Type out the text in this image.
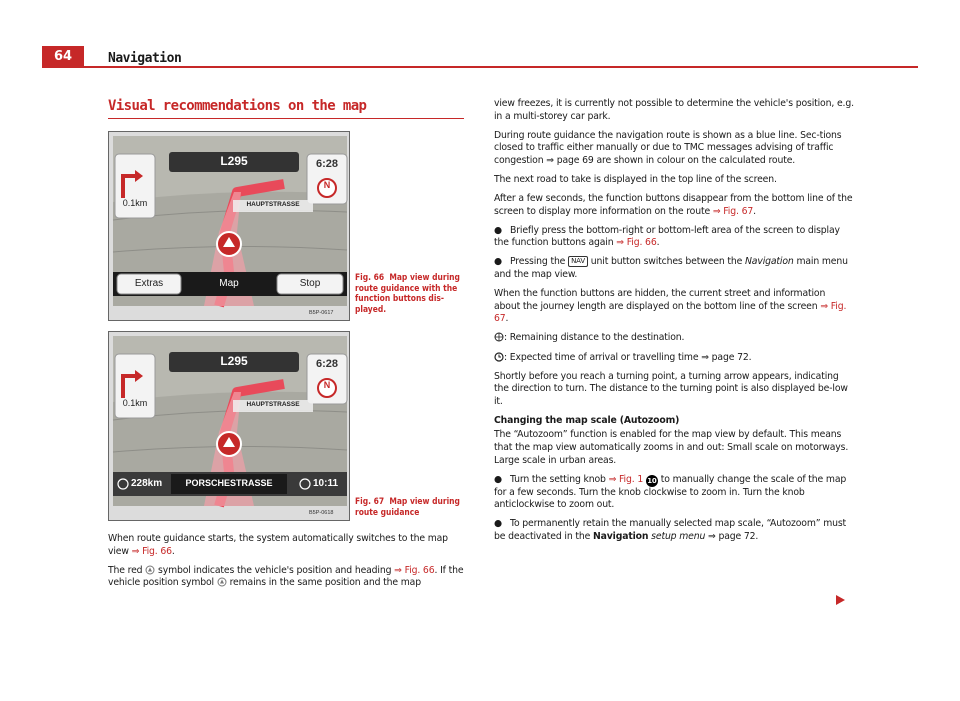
64	Navigation
Visual recommendations on the map
L295	6:28
N
0.1km	HAUPTSTRASSE
Extras	Map	Stop
B5P-0617
Fig. 66 Map view during route guidance with the function buttons dis-played.
L295	6:28
N
0.1km	HAUPTSTRASSE
228km	PORSCHESTRASSE	10:11
B5P-0618
Fig. 67 Map view during route guidance

When route guidance starts, the system automatically switches to the map view ⇒ Fig. 66.

The red  symbol indicates the vehicle's position and heading ⇒ Fig. 66. If the vehicle position symbol  remains in the same position and the map

view freezes, it is currently not possible to determine the vehicle's position, e.g. in a multi-storey car park.

During route guidance the navigation route is shown as a blue line. Sec-tions closed to traffic either manually or due to TMC messages advising of traffic congestion ⇒ page 69 are shown in colour on the calculated route.

The next road to take is displayed in the top line of the screen.

After a few seconds, the function buttons disappear from the bottom line of the screen to display more information on the route ⇒ Fig. 67.

● Briefly press the bottom-right or bottom-left area of the screen to display the function buttons again ⇒ Fig. 66.

● Pressing the NAV unit button switches between the Navigation main menu and the map view.

When the function buttons are hidden, the current street and information about the journey length are displayed on the bottom line of the screen ⇒ Fig. 67.

: Remaining distance to the destination.

: Expected time of arrival or travelling time ⇒ page 72.

Shortly before you reach a turning point, a turning arrow appears, indicating the direction to turn. The distance to the turning point is also displayed be-low it.

Changing the map scale (Autozoom)

The “Autozoom” function is enabled for the map view by default. This means that the map view automatically zooms in and out: Small scale on motorways. Large scale in urban areas.

● Turn the setting knob ⇒ Fig. 1 10 to manually change the scale of the map for a few seconds. Turn the knob clockwise to zoom in. Turn the knob anticlockwise to zoom out.

● To permanently retain the manually selected map scale, “Autozoom” must be deactivated in the Navigation setup menu ⇒ page 72.
